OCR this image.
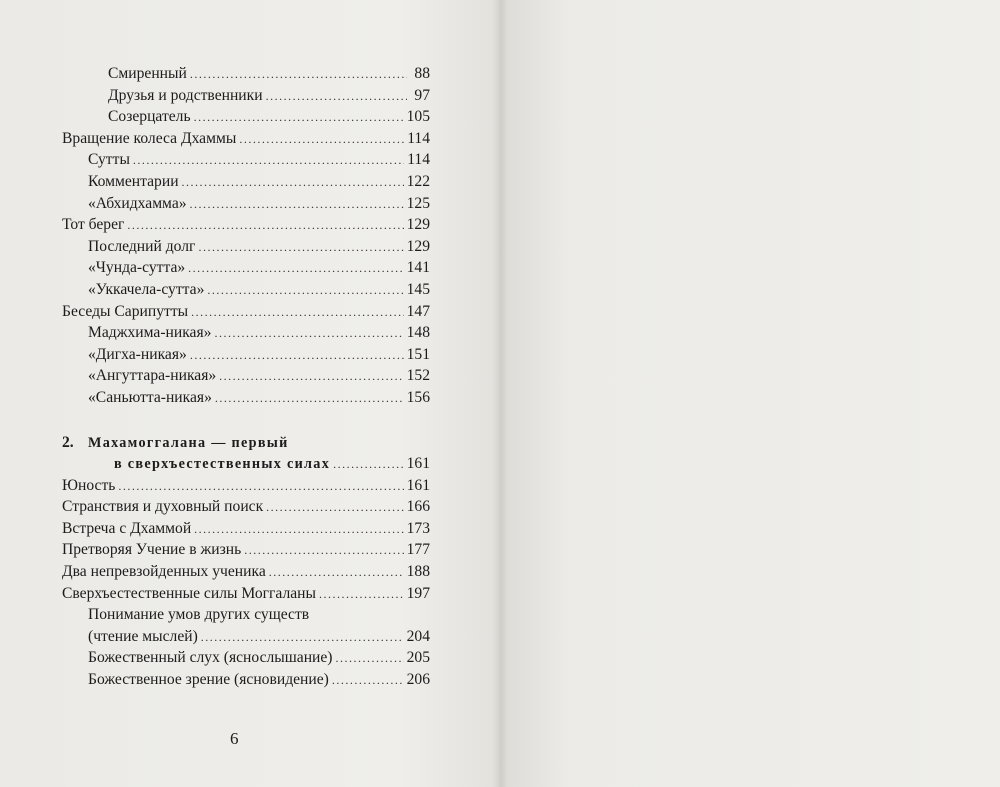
Смиренный .....	88
Друзья и родственники .....	97
Созерцатель .....	105
Вращение колеса Дхаммы .....	114
Сутты .....	114
Комментарии .....	122
«Абхидхамма» .....	125
Тот берег .....	129
Последний долг .....	129
«Чунда-сутта» .....	141
«Уккачела-сутта» .....	145
Беседы Сарипутты .....	147
Маджхима-никая» .....	148
«Дигха-никая» .....	151
«Ангуттара-никая» .....	152
«Саньютта-никая» .....	156
2.	Махамоггалана — первый
в сверхъестественных силах .....	161
Юность .....	161
Странствия и духовный поиск .....	166
Встреча с Дхаммой .....	173
Претворяя Учение в жизнь .....	177
Два непревзойденных ученика .....	188
Сверхъестественные силы Моггаланы .....	197
Понимание умов других существ
(чтение мыслей) .....	204
Божественный слух (яснослышание) .....	205
Божественное зрение (ясновидение) .....	206
6
